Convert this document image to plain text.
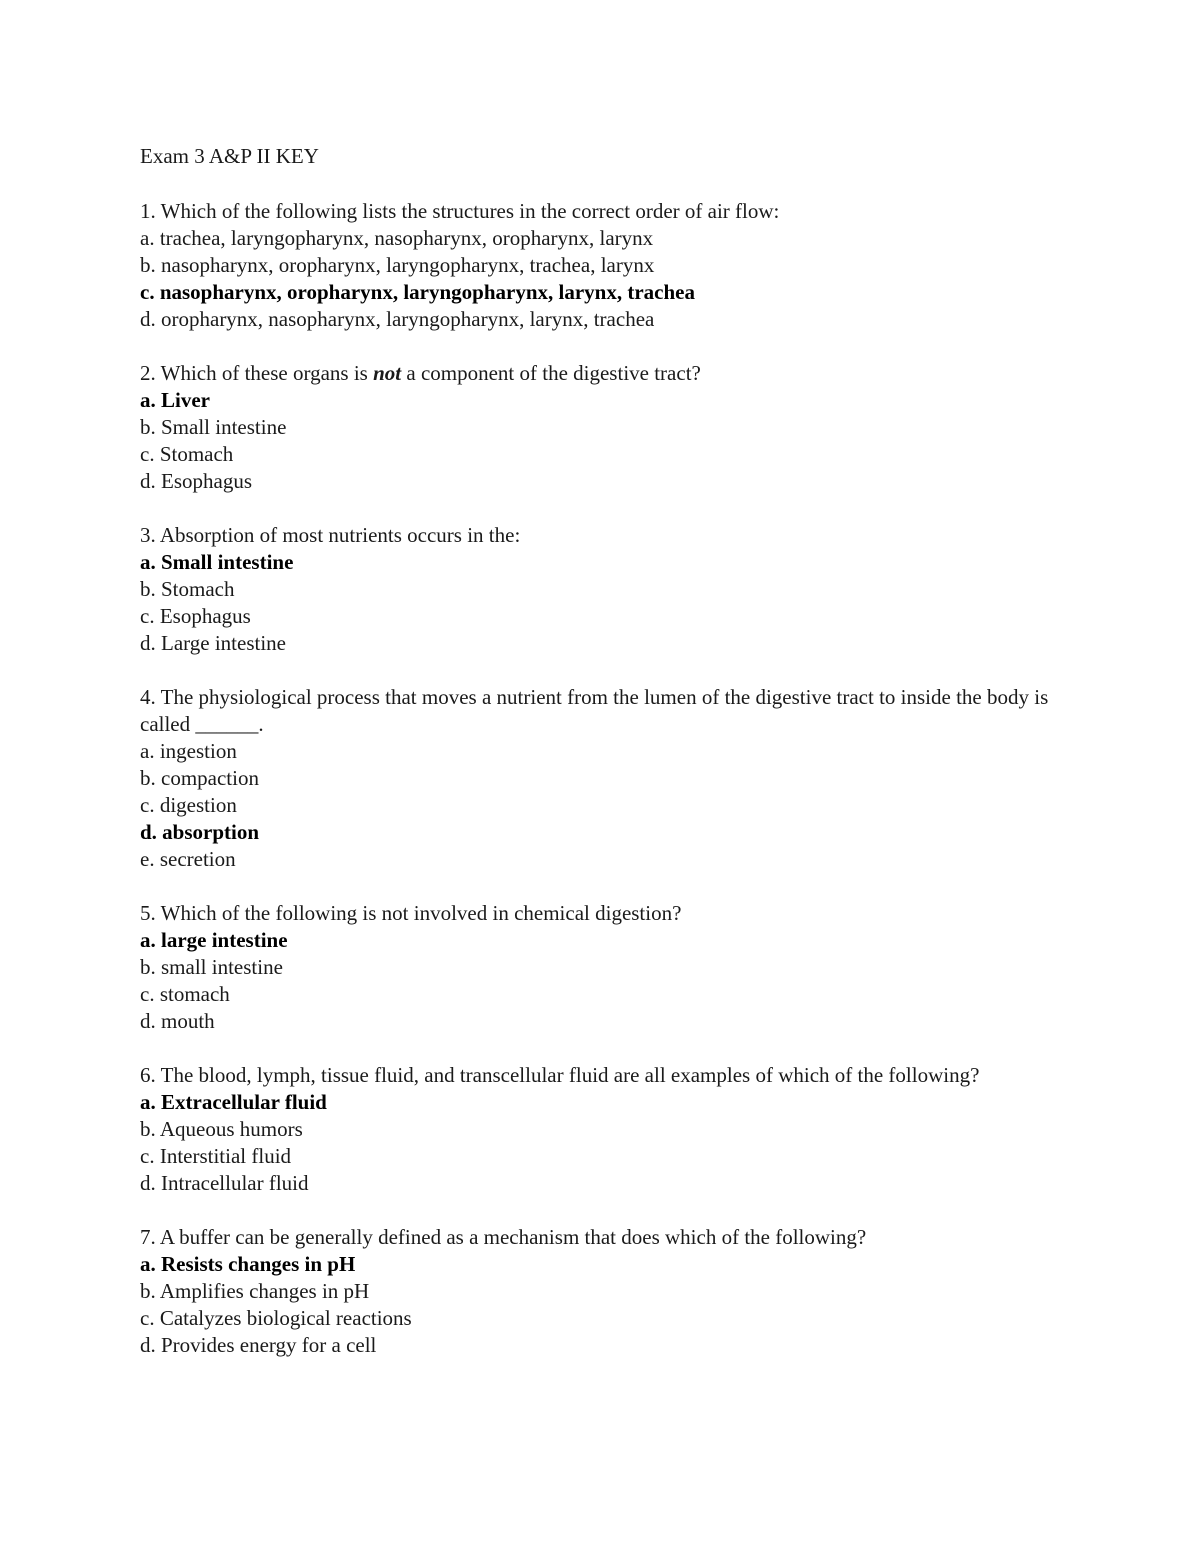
Exam 3 A&P II KEY
1. Which of the following lists the structures in the correct order of air flow:
a. trachea, laryngopharynx, nasopharynx, oropharynx, larynx
b. nasopharynx, oropharynx, laryngopharynx, trachea, larynx
c. nasopharynx, oropharynx, laryngopharynx, larynx, trachea
d. oropharynx, nasopharynx, laryngopharynx, larynx, trachea
2. Which of these organs is not a component of the digestive tract?
a. Liver
b. Small intestine
c. Stomach
d. Esophagus
3. Absorption of most nutrients occurs in the:
a. Small intestine
b. Stomach
c. Esophagus
d. Large intestine
4. The physiological process that moves a nutrient from the lumen of the digestive tract to inside the body is called ______.
a. ingestion
b. compaction
c. digestion
d. absorption
e. secretion
5. Which of the following is not involved in chemical digestion?
a. large intestine
b. small intestine
c. stomach
d. mouth
6. The blood, lymph, tissue fluid, and transcellular fluid are all examples of which of the following?
a. Extracellular fluid
b. Aqueous humors
c. Interstitial fluid
d. Intracellular fluid
7. A buffer can be generally defined as a mechanism that does which of the following?
a. Resists changes in pH
b. Amplifies changes in pH
c. Catalyzes biological reactions
d. Provides energy for a cell
